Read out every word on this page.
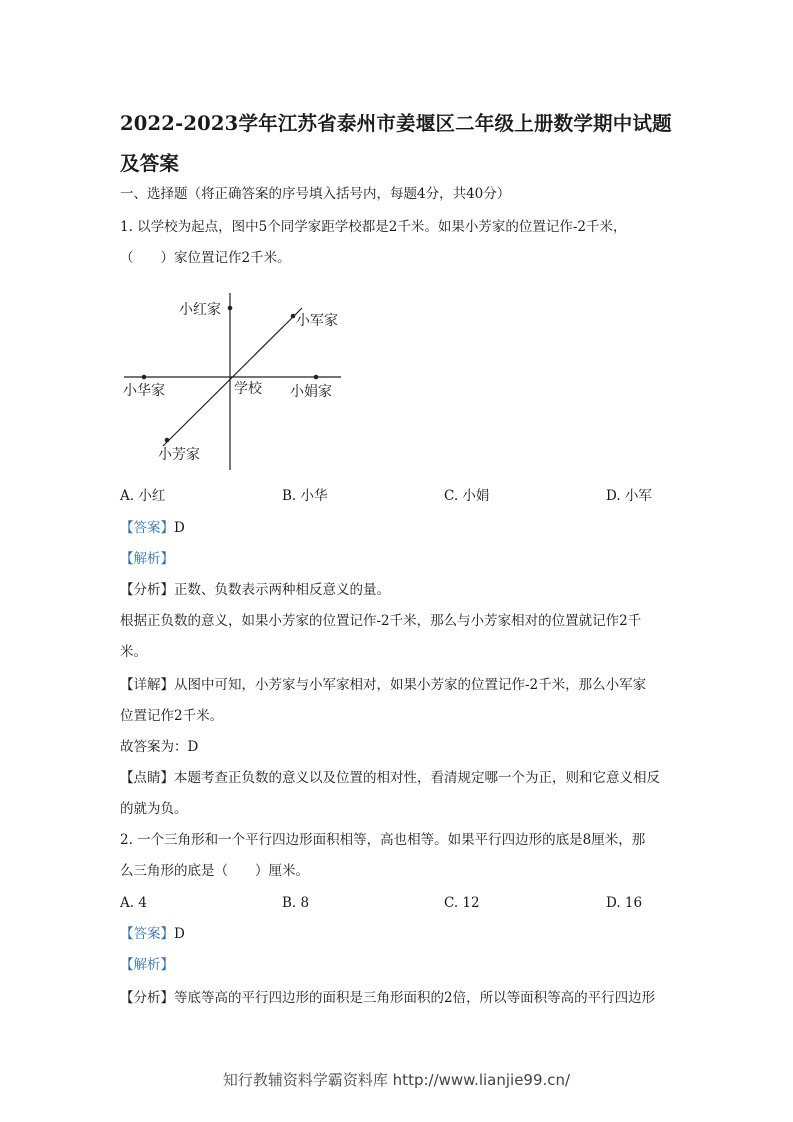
2022-2023学年江苏省泰州市姜堰区二年级上册数学期中试题及答案
一、选择题（将正确答案的序号填入括号内，每题4分，共40分）
1. 以学校为起点，图中5个同学家距学校都是2千米。如果小芳家的位置记作-2千米，
（　　）家位置记作2千米。
小红家
小军家
小华家	学校 小娟家
小芳家
A. 小红	B. 小华	C. 小娟	D. 小军
【答案】D
【解析】
【分析】正数、负数表示两种相反意义的量。
根据正负数的意义，如果小芳家的位置记作-2千米，那么与小芳家相对的位置就记作2千
米。
【详解】从图中可知，小芳家与小军家相对，如果小芳家的位置记作-2千米，那么小军家
位置记作2千米。
故答案为：D
【点睛】本题考查正负数的意义以及位置的相对性，看清规定哪一个为正，则和它意义相反
的就为负。
2. 一个三角形和一个平行四边形面积相等，高也相等。如果平行四边形的底是8厘米，那
么三角形的底是（　　）厘米。
A. 4	B. 8	C. 12	D. 16
【答案】D
【解析】
【分析】等底等高的平行四边形的面积是三角形面积的2倍，所以等面积等高的平行四边形
知行教辅资料学霸资料库 http://www.lianjie99.cn/
